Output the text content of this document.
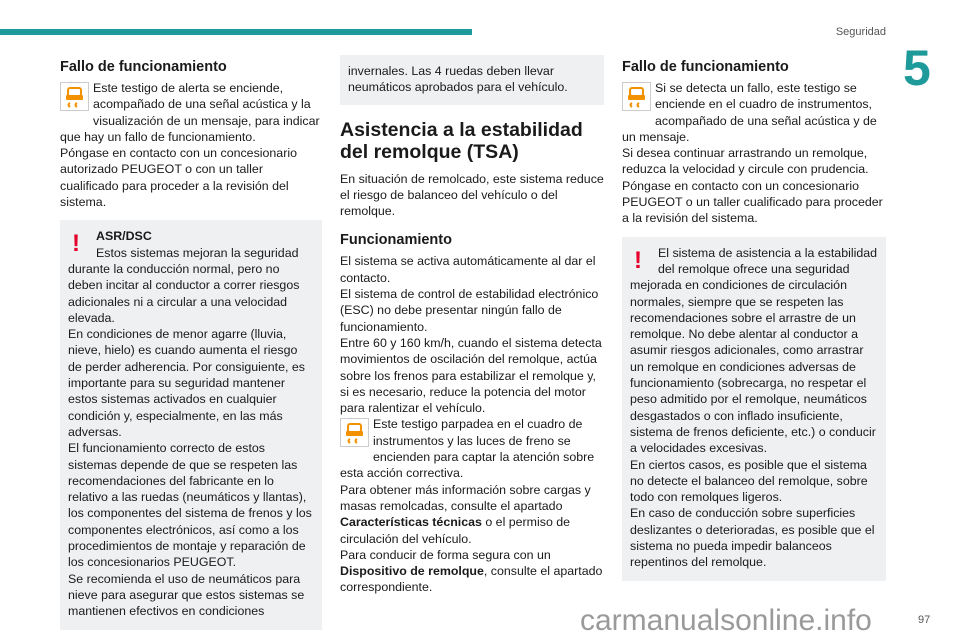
Seguridad
5
Fallo de funcionamiento

Este testigo de alerta se enciende, acompañado de una señal acústica y la visualización de un mensaje, para indicar que hay un fallo de funcionamiento.

Póngase en contacto con un concesionario autorizado PEUGEOT o con un taller cualificado para proceder a la revisión del sistema.

!	ASR/DSC

Estos sistemas mejoran la seguridad durante la conducción normal, pero no deben incitar al conductor a correr riesgos adicionales ni a circular a una velocidad elevada.

En condiciones de menor agarre (lluvia, nieve, hielo) es cuando aumenta el riesgo de perder adherencia. Por consiguiente, es importante para su seguridad mantener estos sistemas activados en cualquier condición y, especialmente, en las más adversas.

El funcionamiento correcto de estos sistemas depende de que se respeten las recomendaciones del fabricante en lo relativo a las ruedas (neumáticos y llantas), los componentes del sistema de frenos y los componentes electrónicos, así como a los procedimientos de montaje y reparación de los concesionarios PEUGEOT.

Se recomienda el uso de neumáticos para nieve para asegurar que estos sistemas se mantienen efectivos en condiciones

invernales. Las 4 ruedas deben llevar neumáticos aprobados para el vehículo.

Asistencia a la estabilidad del remolque (TSA)

En situación de remolcado, este sistema reduce el riesgo de balanceo del vehículo o del remolque.

Funcionamiento

El sistema se activa automáticamente al dar el contacto.

El sistema de control de estabilidad electrónico (ESC) no debe presentar ningún fallo de funcionamiento.

Entre 60 y 160 km/h, cuando el sistema detecta movimientos de oscilación del remolque, actúa sobre los frenos para estabilizar el remolque y, si es necesario, reduce la potencia del motor para ralentizar el vehículo.

Este testigo parpadea en el cuadro de instrumentos y las luces de freno se encienden para captar la atención sobre esta acción correctiva.

Para obtener más información sobre cargas y masas remolcadas, consulte el apartado Características técnicas o el permiso de circulación del vehículo.

Para conducir de forma segura con un Dispositivo de remolque, consulte el apartado correspondiente.

Fallo de funcionamiento

Si se detecta un fallo, este testigo se enciende en el cuadro de instrumentos, acompañado de una señal acústica y de un mensaje.

Si desea continuar arrastrando un remolque, reduzca la velocidad y circule con prudencia.

Póngase en contacto con un concesionario PEUGEOT o un taller cualificado para proceder a la revisión del sistema.

!	El sistema de asistencia a la estabilidad del remolque ofrece una seguridad mejorada en condiciones de circulación normales, siempre que se respeten las recomendaciones sobre el arrastre de un remolque. No debe alentar al conductor a asumir riesgos adicionales, como arrastrar un remolque en condiciones adversas de funcionamiento (sobrecarga, no respetar el peso admitido por el remolque, neumáticos desgastados o con inflado insuficiente, sistema de frenos deficiente, etc.) o conducir a velocidades excesivas.

En ciertos casos, es posible que el sistema no detecte el balanceo del remolque, sobre todo con remolques ligeros.

En caso de conducción sobre superficies deslizantes o deterioradas, es posible que el sistema no pueda impedir balanceos repentinos del remolque.

carmanualsonline.info	97
